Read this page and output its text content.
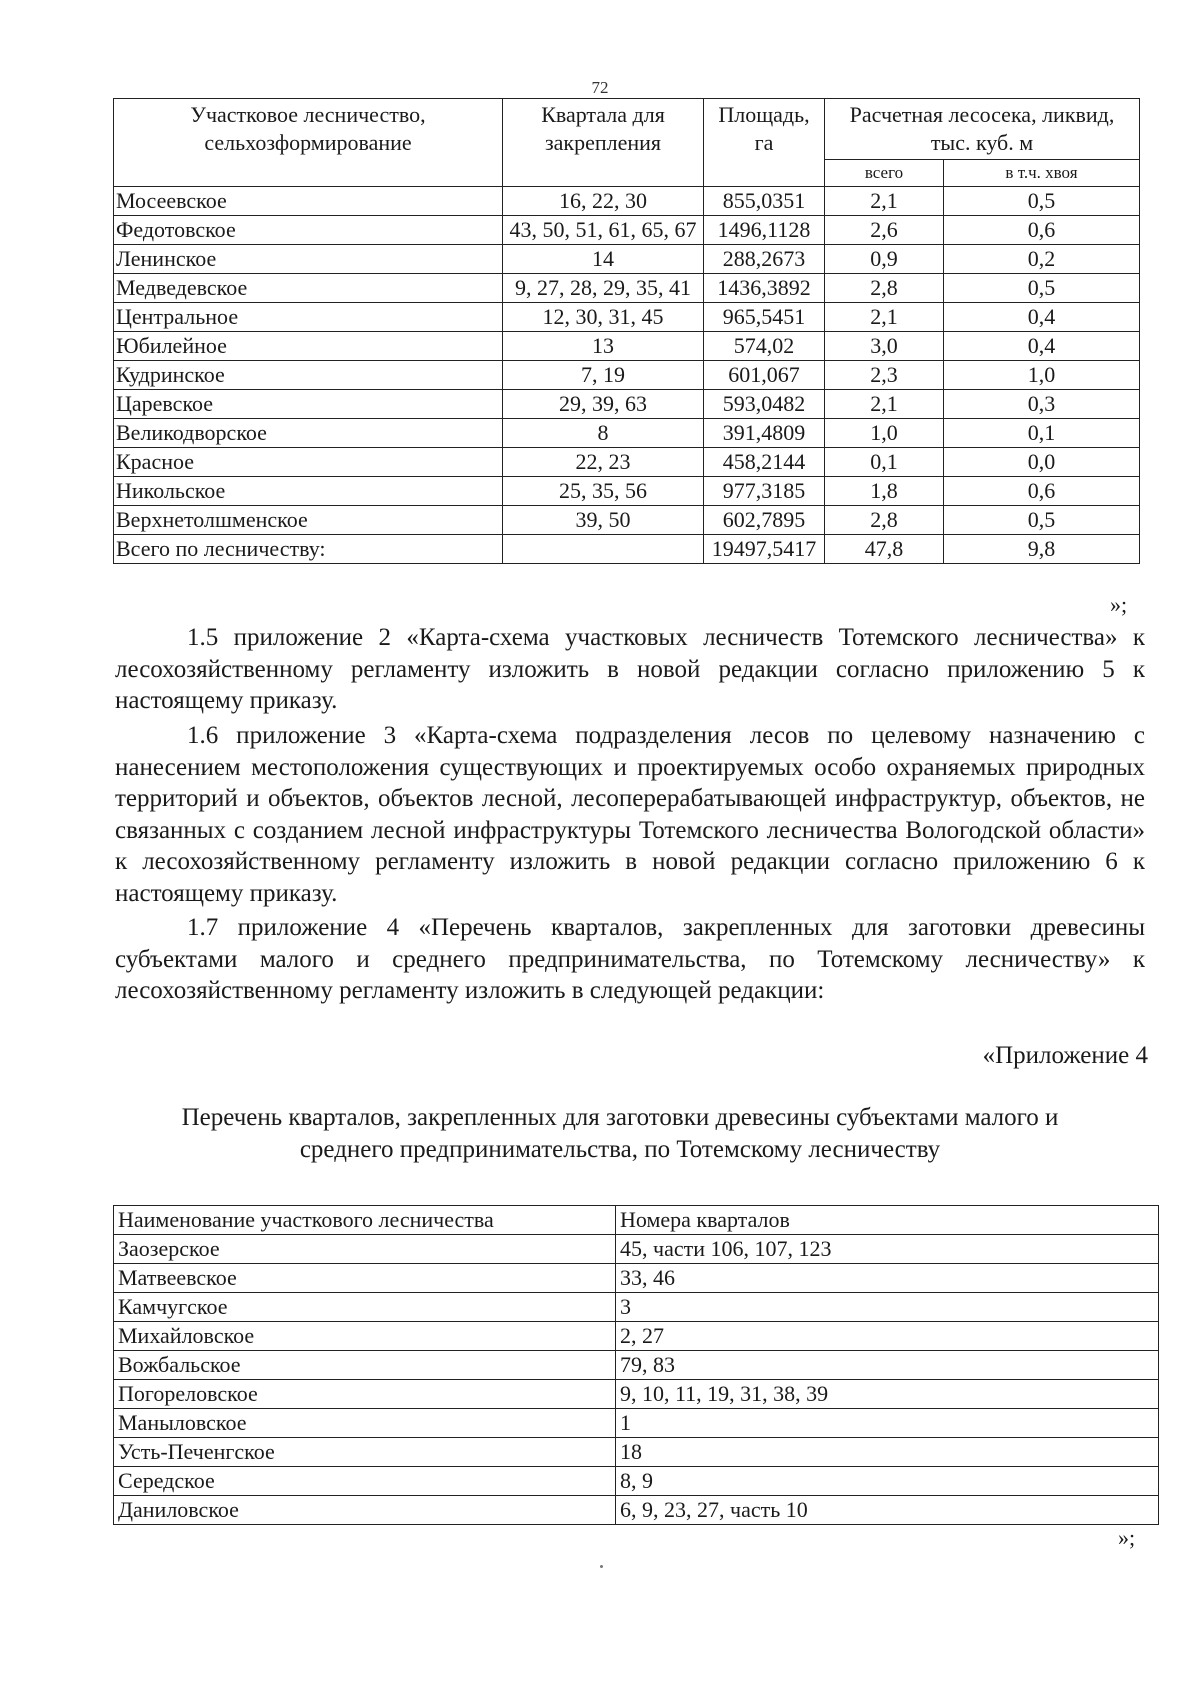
72
Участковое лесничество, сельхозформирование	Квартала для закрепления	Площадь, га	Расчетная лесосека, ликвид, тыс. куб. м	
			всего	в т.ч. хвоя
Мосеевское	16, 22, 30	855,0351	2,1	0,5
Федотовское	43, 50, 51, 61, 65, 67	1496,1128	2,6	0,6
Ленинское	14	288,2673	0,9	0,2
Медведевское	9, 27, 28, 29, 35, 41	1436,3892	2,8	0,5
Центральное	12, 30, 31, 45	965,5451	2,1	0,4
Юбилейное	13	574,02	3,0	0,4
Кудринское	7, 19	601,067	2,3	1,0
Царевское	29, 39, 63	593,0482	2,1	0,3
Великодворское	8	391,4809	1,0	0,1
Красное	22, 23	458,2144	0,1	0,0
Никольское	25, 35, 56	977,3185	1,8	0,6
Верхнетолшменское	39, 50	602,7895	2,8	0,5
Всего по лесничеству:		19497,5417	47,8	9,8
»;

1.5 приложение 2 «Карта-схема участковых лесничеств Тотемского лесничества» к лесохозяйственному регламенту изложить в новой редакции согласно приложению 5 к настоящему приказу.

1.6 приложение 3 «Карта-схема подразделения лесов по целевому назначению с нанесением местоположения существующих и проектируемых особо охраняемых природных территорий и объектов, объектов лесной, лесоперерабатывающей инфраструктур, объектов, не связанных с созданием лесной инфраструктуры Тотемского лесничества Вологодской области» к лесохозяйственному регламенту изложить в новой редакции согласно приложению 6 к настоящему приказу.

1.7 приложение 4 «Перечень кварталов, закрепленных для заготовки древесины субъектами малого и среднего предпринимательства, по Тотемскому лесничеству» к лесохозяйственному регламенту изложить в следующей редакции:

«Приложение 4
Перечень кварталов, закрепленных для заготовки древесины субъектами малого и
среднего предпринимательства, по Тотемскому лесничеству
Наименование участкового лесничества	Номера кварталов
Заозерское	45, части 106, 107, 123
Матвеевское	33, 46
Камчугское	3
Михайловское	2, 27
Вожбальское	79, 83
Погореловское	9, 10, 11, 19, 31, 38, 39
Маныловское	1
Усть-Печенгское	18
Середское	8, 9
Даниловское	6, 9, 23, 27, часть 10
»;
